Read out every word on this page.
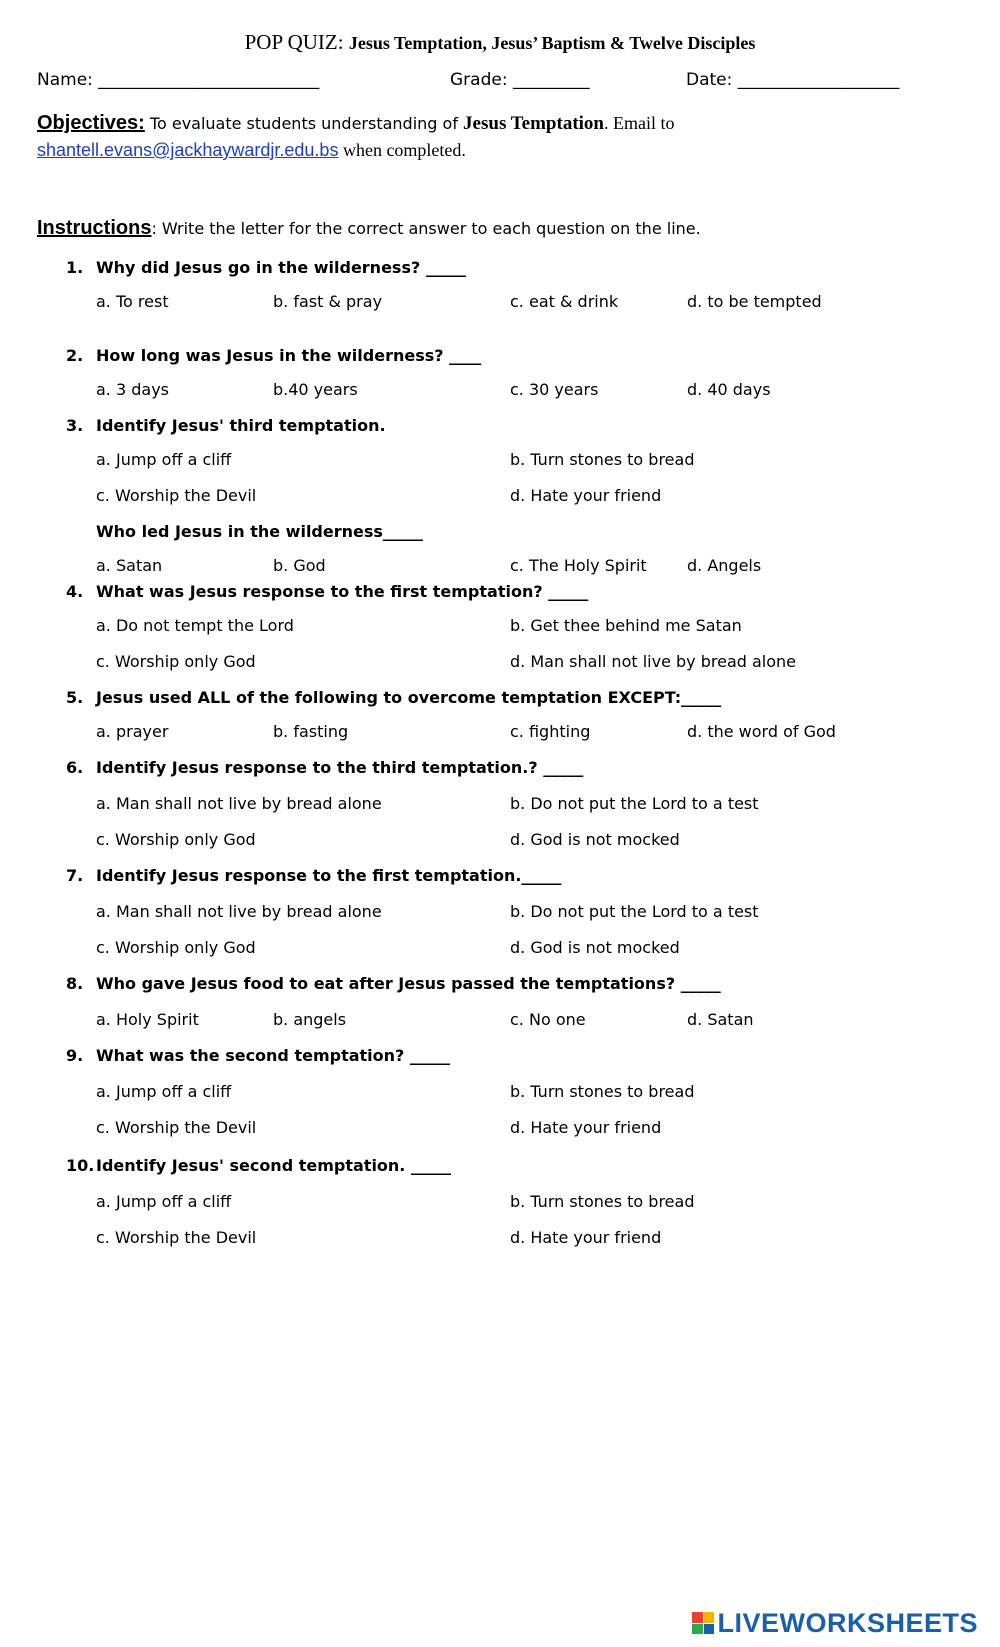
POP QUIZ: Jesus Temptation, Jesus’ Baptism & Twelve Disciples
Name: __________________________	Grade: _________	Date: ___________________
Objectives: To evaluate students understanding of Jesus Temptation. Email to
shantell.evans@jackhaywardjr.edu.bs when completed.
Instructions: Write the letter for the correct answer to each question on the line.
1. Why did Jesus go in the wilderness? _____
a. To rest	b. fast & pray	c. eat & drink	d. to be tempted
2. How long was Jesus in the wilderness? ____
a. 3 days	b.40 years	c. 30 years	d. 40 days
3. Identify Jesus' third temptation.
a. Jump off a cliff	b. Turn stones to bread
c. Worship the Devil	d. Hate your friend
Who led Jesus in the wilderness_____
a. Satan	b. God	c. The Holy Spirit	d. Angels
4. What was Jesus response to the first temptation? _____
a. Do not tempt the Lord	b. Get thee behind me Satan
c. Worship only God	d. Man shall not live by bread alone
5. Jesus used ALL of the following to overcome temptation EXCEPT:_____
a. prayer	b. fasting	c. fighting	d. the word of God
6. Identify Jesus response to the third temptation.? _____
a. Man shall not live by bread alone	b. Do not put the Lord to a test
c. Worship only God	d. God is not mocked
7. Identify Jesus response to the first temptation._____
a. Man shall not live by bread alone	b. Do not put the Lord to a test
c. Worship only God	d. God is not mocked
8. Who gave Jesus food to eat after Jesus passed the temptations? _____
a. Holy Spirit	b. angels	c. No one	d. Satan
9. What was the second temptation? _____
a. Jump off a cliff	b. Turn stones to bread
c. Worship the Devil	d. Hate your friend
10. Identify Jesus' second temptation. _____
a. Jump off a cliff	b. Turn stones to bread
c. Worship the Devil	d. Hate your friend
LIVEWORKSHEETS
